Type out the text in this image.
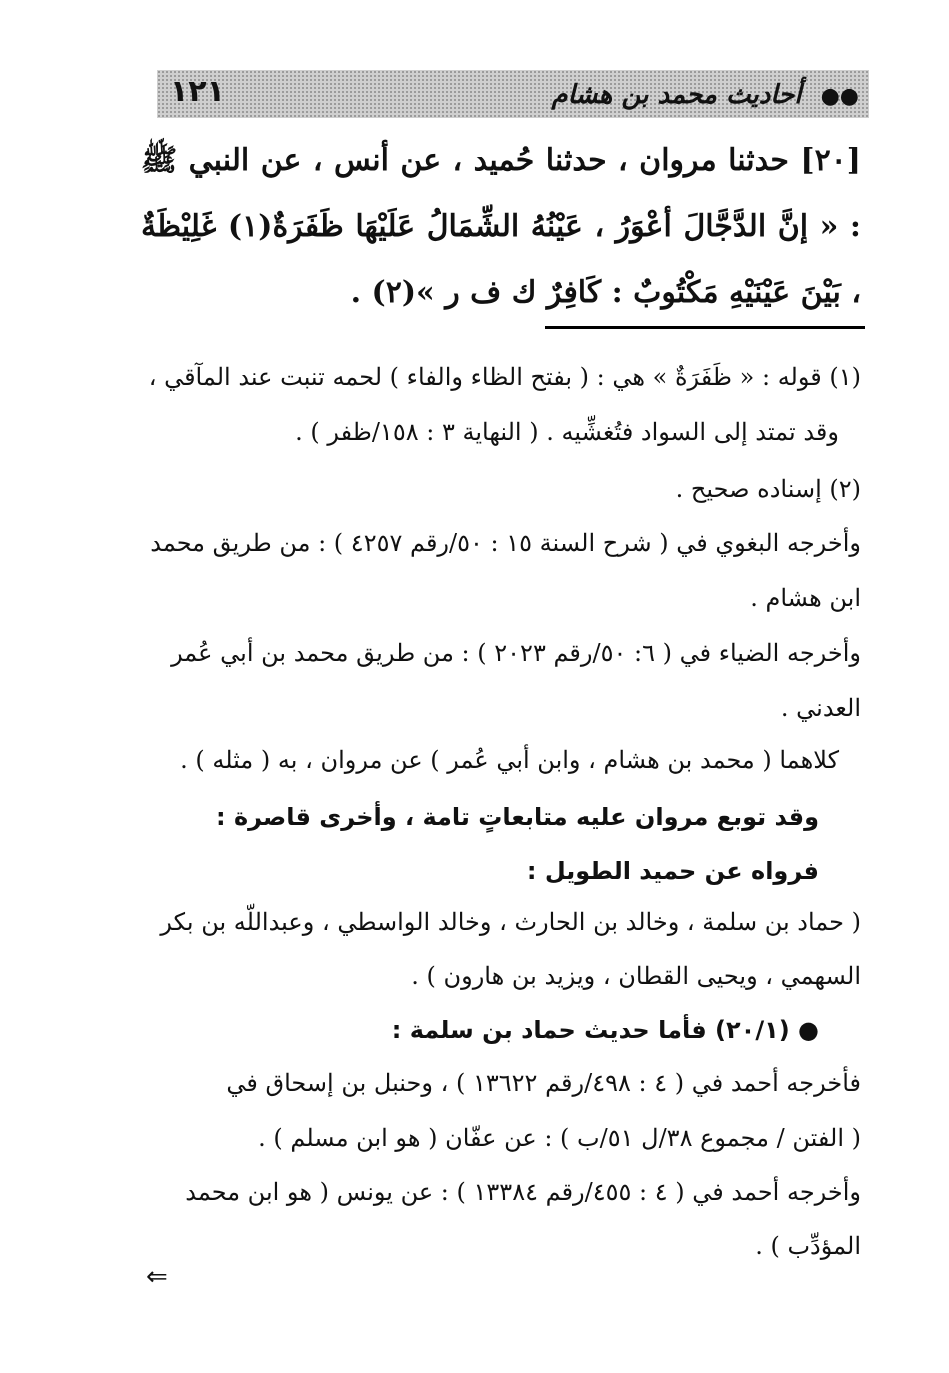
١٢١	●● أحاديث محمد بن هشام
[٢٠] حدثنا مروان ، حدثنا حُميد ، عن أنس ، عن النبي ﷺ : « إنَّ الدَّجَّالَ أعْوَرُ ، عَيْنُهُ الشِّمَالُ عَلَيْهَا ظَفَرَةٌ(١) غَلِيْظَةٌ ، بَيْنَ عَيْنَيْهِ مَكْتُوبٌ : كَافِرٌ ك ف ر »(٢) .
(١) قوله : « ظَفَرَةٌ » هي : ( بفتح الظاء والفاء ) لحمه تنبت عند المآقي ،
وقد تمتد إلى السواد فتُغشِّيه . ( النهاية ٣ : ١٥٨/ظفر ) .
(٢) إسناده صحيح .
وأخرجه البغوي في ( شرح السنة ١٥ : ٥٠/رقم ٤٢٥٧ ) : من طريق محمد
ابن هشام .
وأخرجه الضياء في ( ٦: ٥٠/رقم ٢٠٢٣ ) : من طريق محمد بن أبي عُمر
العدني .
كلاهما ( محمد بن هشام ، وابن أبي عُمر ) عن مروان ، به ( مثله ) .
وقد توبع مروان عليه متابعاتٍ تامة ، وأخرى قاصرة :
فرواه عن حميد الطويل :
( حماد بن سلمة ، وخالد بن الحارث ، وخالد الواسطي ، وعبداللّه بن بكر
السهمي ، ويحيى القطان ، ويزيد بن هارون ) .
● (٢٠/١) فأما حديث حماد بن سلمة :
فأخرجه أحمد في ( ٤ : ٤٩٨/رقم ١٣٦٢٢ ) ، وحنبل بن إسحاق في
( الفتن / مجموع ٣٨/ل ٥١/ب ) : عن عفّان ( هو ابن مسلم ) .
وأخرجه أحمد في ( ٤ : ٤٥٥/رقم ١٣٣٨٤ ) : عن يونس ( هو ابن محمد
المؤدِّب ) .
⇐
